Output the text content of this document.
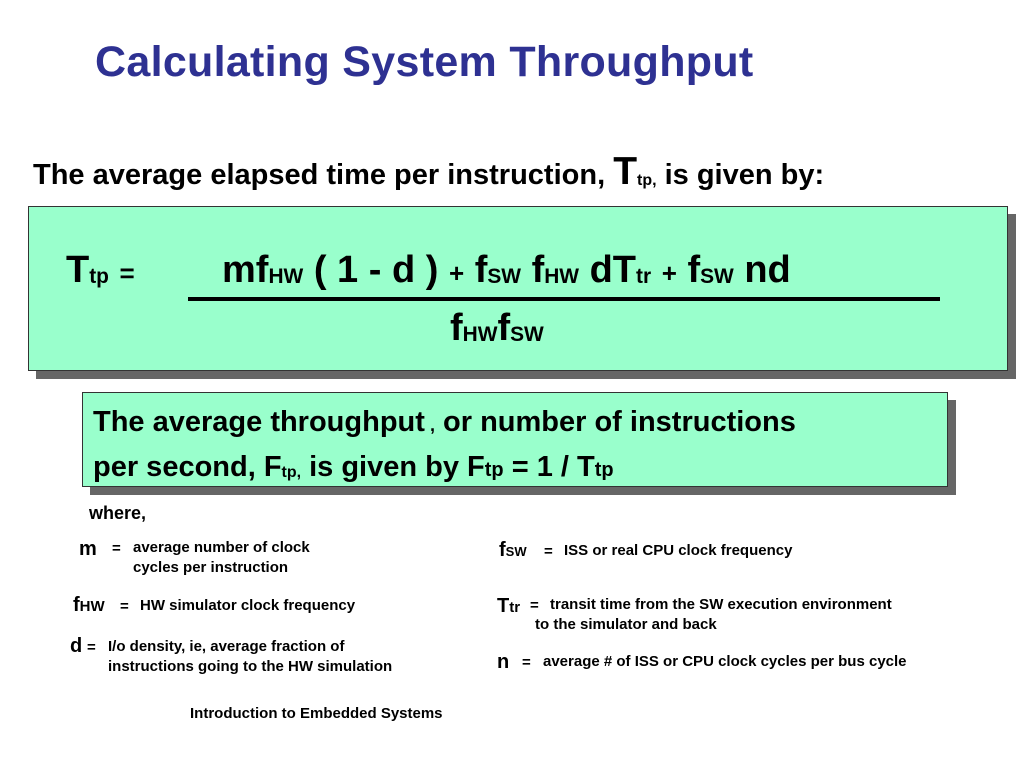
Calculating System Throughput
The average elapsed time per instruction, $T_{tp,}$ is given by:
$T_{tp} = mf_{HW}$ ( 1 - d ) + $f_{SW}$ $f_{HW}$ $dT_{tr} + f_{SW}$ nd
$f_{HW}f_{SW}$
The average throughput , or number of instructions
per second, $F_{tp,}$ is given by Ftp = 1 / Ttp
where,
m = average number of clock
cycles per instruction
fHW = HW simulator clock frequency
d = I/o density, ie, average fraction of
instructions going to the HW simulation
fSW = ISS or real CPU clock frequency
Ttr = transit time from the SW execution environment
to the simulator and back
n = average # of ISS or CPU clock cycles per bus cycle
Introduction to Embedded Systems
